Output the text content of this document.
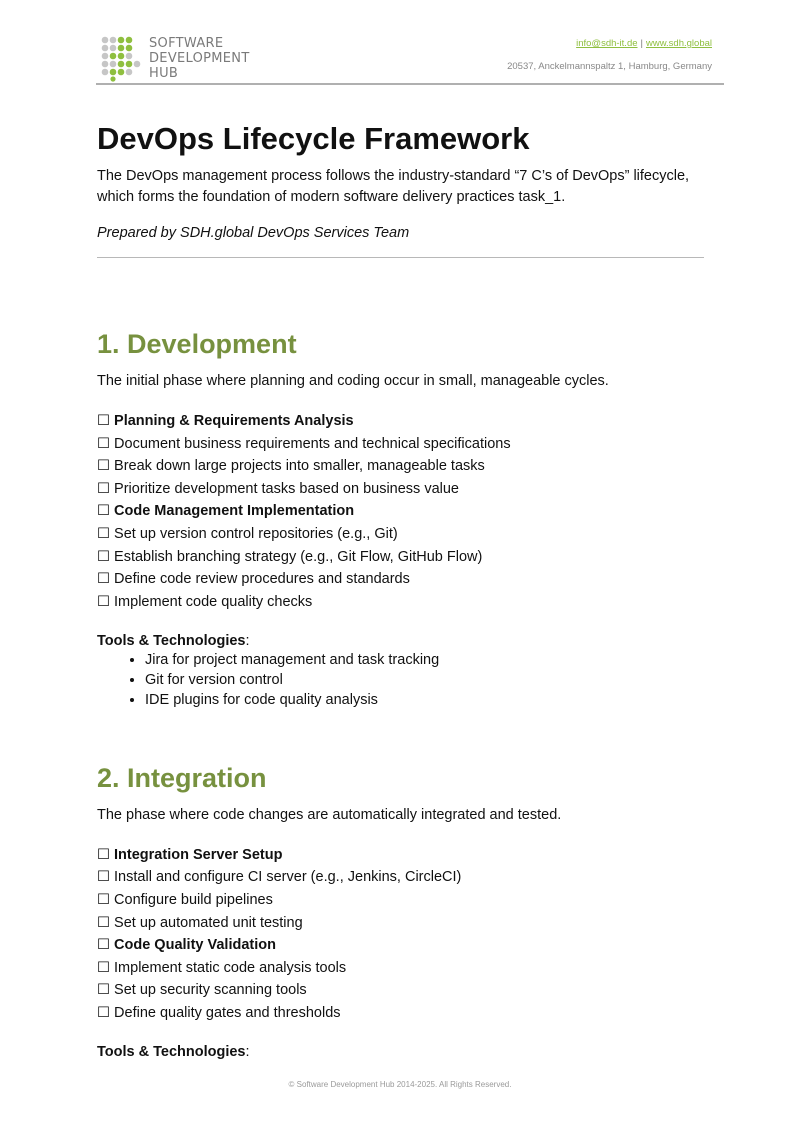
SOFTWARE
DEVELOPMENT
HUB
info@sdh-it.de | www.sdh.global
20537, Anckelmannspaltz 1, Hamburg, Germany
DevOps Lifecycle Framework

The DevOps management process follows the industry-standard “7 C’s of DevOps” lifecycle, which forms the foundation of modern software delivery practices task_1.

Prepared by SDH.global DevOps Services Team

1. Development

The initial phase where planning and coding occur in small, manageable cycles.

☐ Planning & Requirements Analysis
☐ Document business requirements and technical specifications
☐ Break down large projects into smaller, manageable tasks
☐ Prioritize development tasks based on business value
☐ Code Management Implementation
☐ Set up version control repositories (e.g., Git)
☐ Establish branching strategy (e.g., Git Flow, GitHub Flow)
☐ Define code review procedures and standards
☐ Implement code quality checks
Tools & Technologies:
• Jira for project management and task tracking
• Git for version control
• IDE plugins for code quality analysis
2. Integration

The phase where code changes are automatically integrated and tested.

☐ Integration Server Setup
☐ Install and configure CI server (e.g., Jenkins, CircleCI)
☐ Configure build pipelines
☐ Set up automated unit testing
☐ Code Quality Validation
☐ Implement static code analysis tools
☐ Set up security scanning tools
☐ Define quality gates and thresholds
Tools & Technologies:
© Software Development Hub 2014-2025. All Rights Reserved.
